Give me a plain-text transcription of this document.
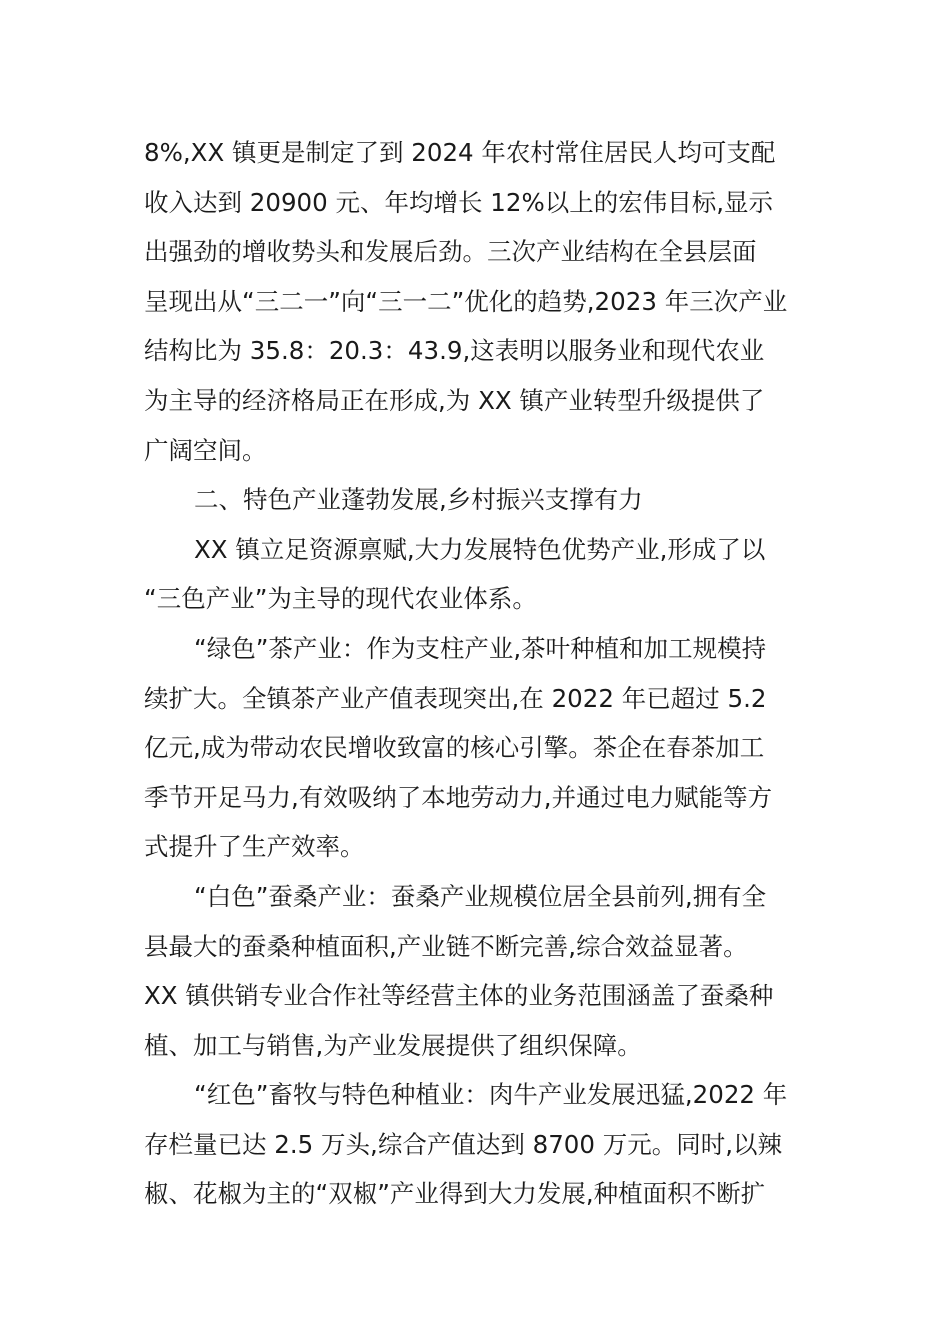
8%,XX 镇更是制定了到 2024 年农村常住居民人均可支配
收入达到 20900 元、年均增长 12%以上的宏伟目标,显示
出强劲的增收势头和发展后劲。三次产业结构在全县层面
呈现出从“三二一”向“三一二”优化的趋势,2023 年三次产业
结构比为 35.8：20.3：43.9,这表明以服务业和现代农业
为主导的经济格局正在形成,为 XX 镇产业转型升级提供了
广阔空间。
二、特色产业蓬勃发展,乡村振兴支撑有力
XX 镇立足资源禀赋,大力发展特色优势产业,形成了以
“三色产业”为主导的现代农业体系。
“绿色”茶产业：作为支柱产业,茶叶种植和加工规模持
续扩大。全镇茶产业产值表现突出,在 2022 年已超过 5.2
亿元,成为带动农民增收致富的核心引擎。茶企在春茶加工
季节开足马力,有效吸纳了本地劳动力,并通过电力赋能等方
式提升了生产效率。
“白色”蚕桑产业：蚕桑产业规模位居全县前列,拥有全
县最大的蚕桑种植面积,产业链不断完善,综合效益显著。
XX 镇供销专业合作社等经营主体的业务范围涵盖了蚕桑种
植、加工与销售,为产业发展提供了组织保障。
“红色”畜牧与特色种植业：肉牛产业发展迅猛,2022 年
存栏量已达 2.5 万头,综合产值达到 8700 万元。同时,以辣
椒、花椒为主的“双椒”产业得到大力发展,种植面积不断扩
